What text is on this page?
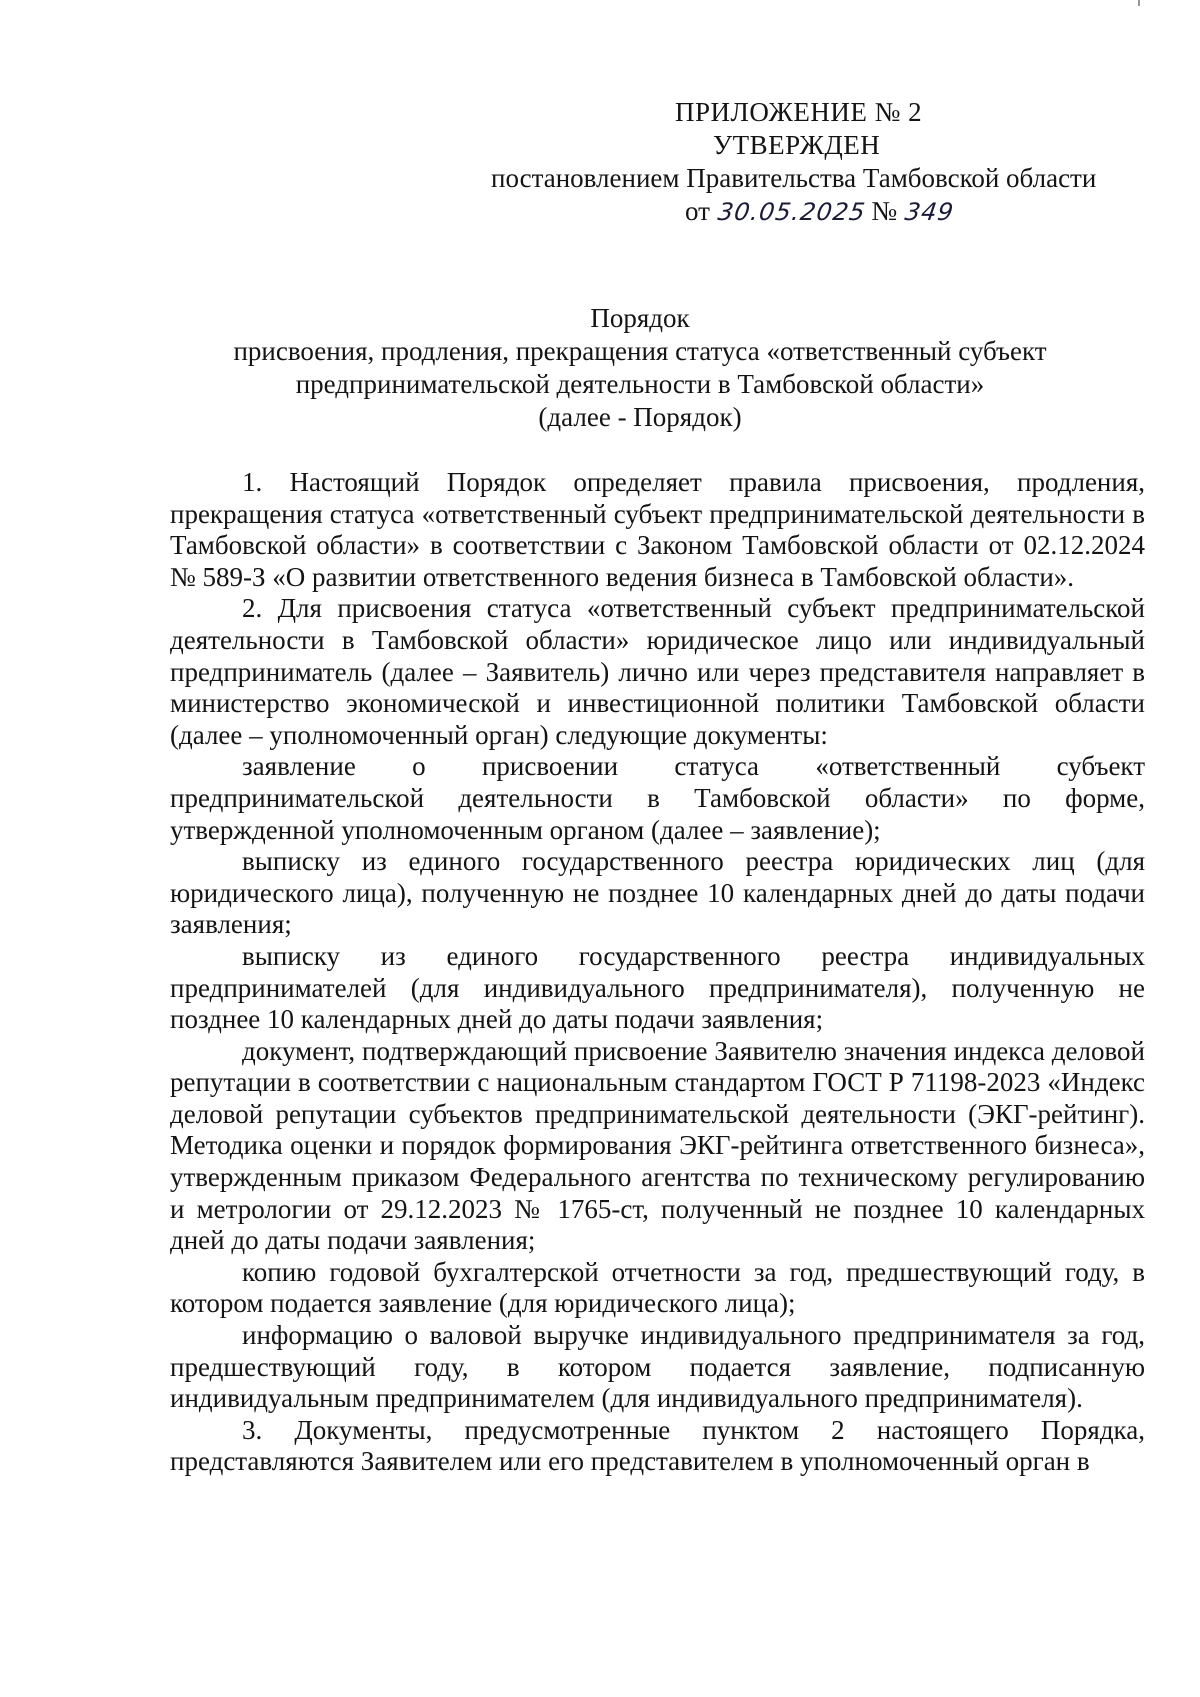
ПРИЛОЖЕНИЕ № 2
УТВЕРЖДЕН
постановлением Правительства Тамбовской области
от 30.05.2025 № 349
Порядок
присвоения, продления, прекращения статуса «ответственный субъект
предпринимательской деятельности в Тамбовской области»
(далее - Порядок)

1. Настоящий Порядок определяет правила присвоения, продления, прекращения статуса «ответственный субъект предпринимательской деятельности в Тамбовской области» в соответствии с Законом Тамбовской области от 02.12.2024 № 589-З «О развитии ответственного ведения бизнеса в Тамбовской области».

2. Для присвоения статуса «ответственный субъект предпринимательской деятельности в Тамбовской области» юридическое лицо или индивидуальный предприниматель (далее – Заявитель) лично или через представителя направляет в министерство экономической и инвестиционной политики Тамбовской области (далее – уполномоченный орган) следующие документы:

заявление о присвоении статуса «ответственный субъект предпринимательской деятельности в Тамбовской области» по форме, утвержденной уполномоченным органом (далее – заявление);

выписку из единого государственного реестра юридических лиц (для юридического лица), полученную не позднее 10 календарных дней до даты подачи заявления;

выписку из единого государственного реестра индивидуальных предпринимателей (для индивидуального предпринимателя), полученную не позднее 10 календарных дней до даты подачи заявления;

документ, подтверждающий присвоение Заявителю значения индекса деловой репутации в соответствии с национальным стандартом ГОСТ Р 71198-2023 «Индекс деловой репутации субъектов предпринимательской деятельности (ЭКГ-рейтинг). Методика оценки и порядок формирования ЭКГ-рейтинга ответственного бизнеса», утвержденным приказом Федерального агентства по техническому регулированию и метрологии от 29.12.2023 № 1765-ст, полученный не позднее 10 календарных дней до даты подачи заявления;

копию годовой бухгалтерской отчетности за год, предшествующий году, в котором подается заявление (для юридического лица);

информацию о валовой выручке индивидуального предпринимателя за год, предшествующий году, в котором подается заявление, подписанную индивидуальным предпринимателем (для индивидуального предпринимателя).

3. Документы, предусмотренные пунктом 2 настоящего Порядка, представляются Заявителем или его представителем в уполномоченный орган в
